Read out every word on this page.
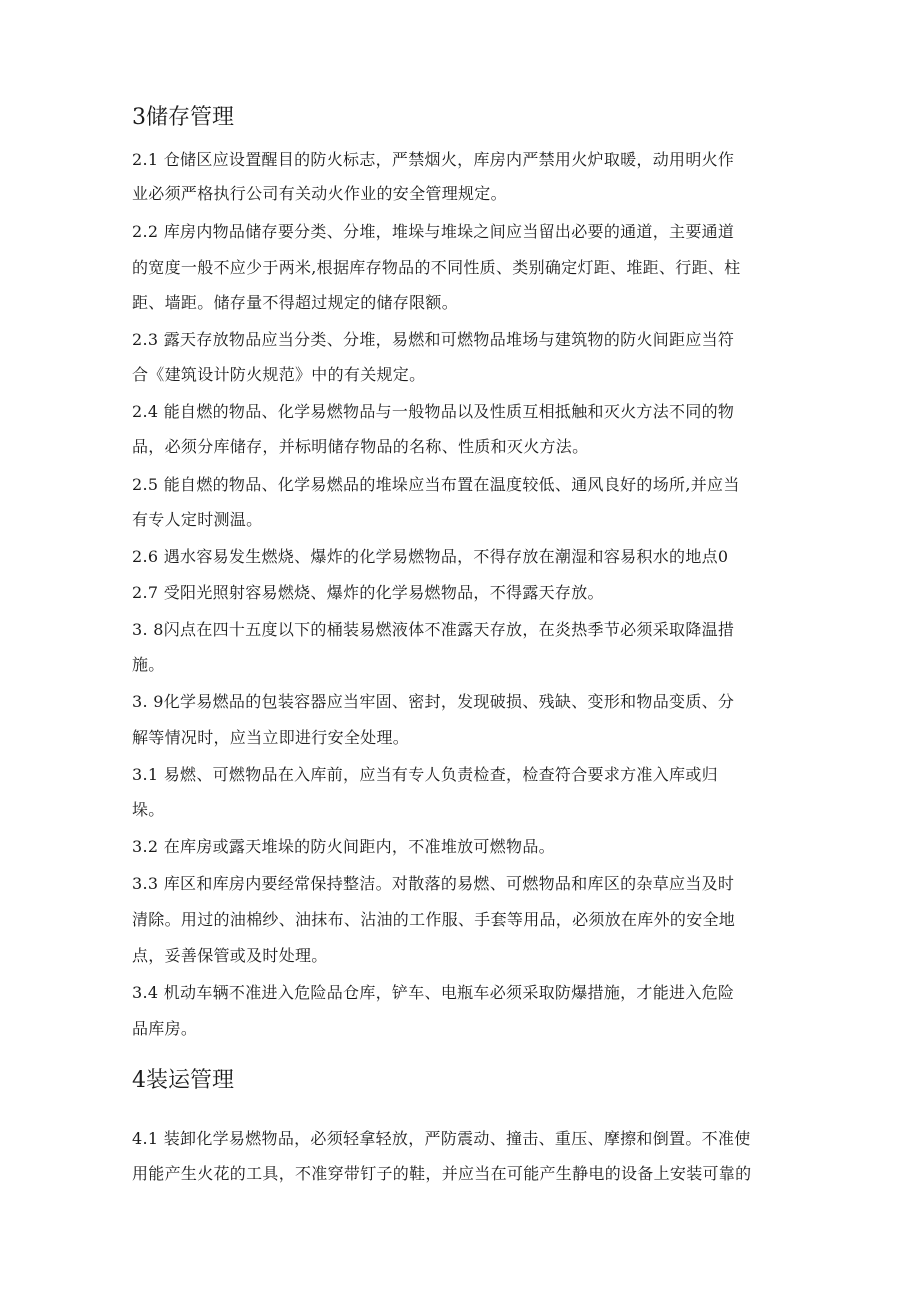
3储存管理
2.1 仓储区应设置醒目的防火标志，严禁烟火，库房内严禁用火炉取暖，动用明火作
业必须严格执行公司有关动火作业的安全管理规定。
2.2 库房内物品储存要分类、分堆，堆垛与堆垛之间应当留出必要的通道，主要通道
的宽度一般不应少于两米,根据库存物品的不同性质、类别确定灯距、堆距、行距、柱
距、墙距。储存量不得超过规定的储存限额。
2.3 露天存放物品应当分类、分堆，易燃和可燃物品堆场与建筑物的防火间距应当符
合《建筑设计防火规范》中的有关规定。
2.4 能自燃的物品、化学易燃物品与一般物品以及性质互相抵触和灭火方法不同的物
品，必须分库储存，并标明储存物品的名称、性质和灭火方法。
2.5 能自燃的物品、化学易燃品的堆垛应当布置在温度较低、通风良好的场所,并应当
有专人定时测温。
2.6 遇水容易发生燃烧、爆炸的化学易燃物品，不得存放在潮湿和容易积水的地点0
2.7 受阳光照射容易燃烧、爆炸的化学易燃物品，不得露天存放。
3. 8闪点在四十五度以下的桶装易燃液体不准露天存放，在炎热季节必须采取降温措
施。
3. 9化学易燃品的包装容器应当牢固、密封，发现破损、残缺、变形和物品变质、分
解等情况时，应当立即进行安全处理。
3.1 易燃、可燃物品在入库前，应当有专人负责检查，检查符合要求方准入库或归
垛。
3.2 在库房或露天堆垛的防火间距内，不准堆放可燃物品。
3.3 库区和库房内要经常保持整洁。对散落的易燃、可燃物品和库区的杂草应当及时
清除。用过的油棉纱、油抹布、沾油的工作服、手套等用品，必须放在库外的安全地
点，妥善保管或及时处理。
3.4 机动车辆不准进入危险品仓库，铲车、电瓶车必须采取防爆措施，才能进入危险
品库房。
4装运管理
4.1 装卸化学易燃物品，必须轻拿轻放，严防震动、撞击、重压、摩擦和倒置。不准使
用能产生火花的工具，不准穿带钉子的鞋，并应当在可能产生静电的设备上安装可靠的
